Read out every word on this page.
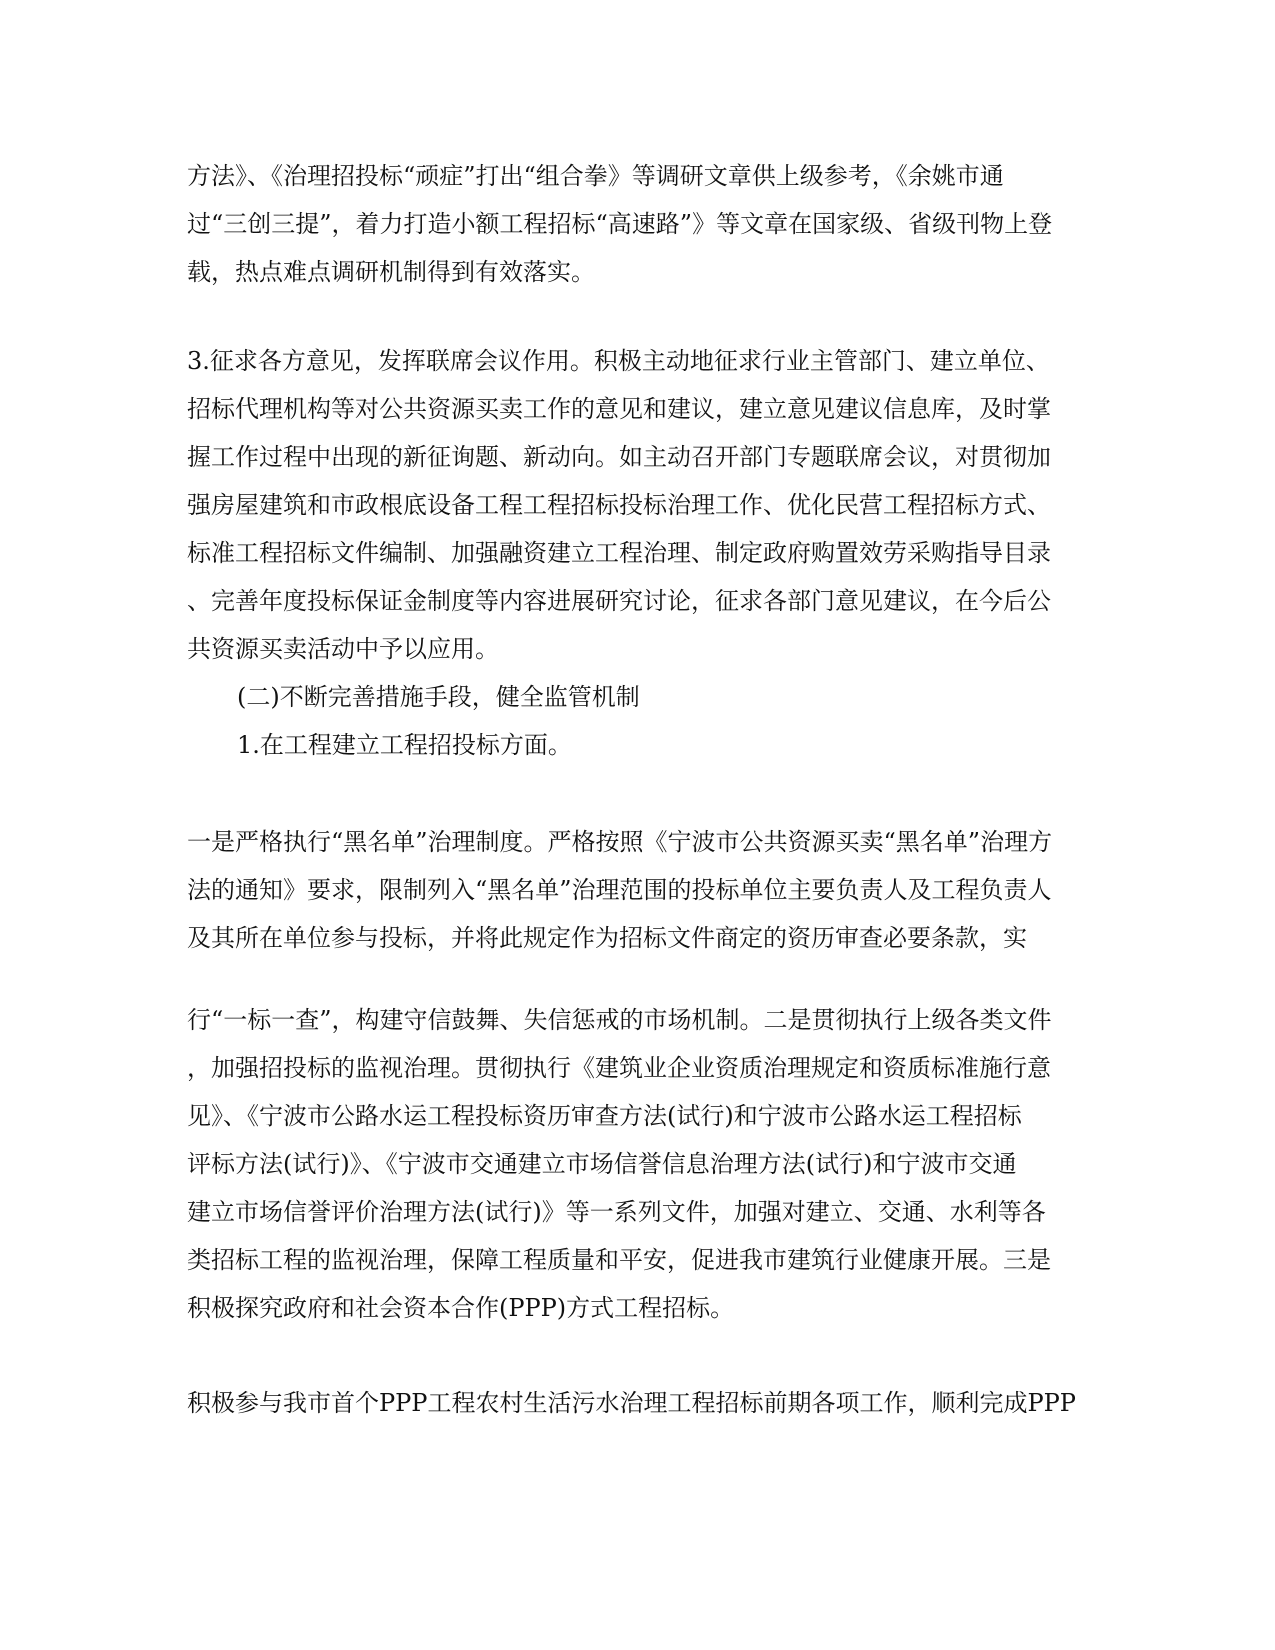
方法》、《治理招投标“顽症”打出“组合拳》等调研文章供上级参考，《余姚市通
过“三创三提”，着力打造小额工程招标“高速路”》等文章在国家级、省级刊物上登
载，热点难点调研机制得到有效落实。
3.征求各方意见，发挥联席会议作用。积极主动地征求行业主管部门、建立单位、
招标代理机构等对公共资源买卖工作的意见和建议，建立意见建议信息库，及时掌
握工作过程中出现的新征询题、新动向。如主动召开部门专题联席会议，对贯彻加
强房屋建筑和市政根底设备工程工程招标投标治理工作、优化民营工程招标方式、
标准工程招标文件编制、加强融资建立工程治理、制定政府购置效劳采购指导目录
、完善年度投标保证金制度等内容进展研究讨论，征求各部门意见建议，在今后公
共资源买卖活动中予以应用。
(二)不断完善措施手段，健全监管机制
1.在工程建立工程招投标方面。
一是严格执行“黑名单”治理制度。严格按照《宁波市公共资源买卖“黑名单”治理方
法的通知》要求，限制列入“黑名单”治理范围的投标单位主要负责人及工程负责人
及其所在单位参与投标，并将此规定作为招标文件商定的资历审查必要条款，实
行“一标一查”，构建守信鼓舞、失信惩戒的市场机制。二是贯彻执行上级各类文件
，加强招投标的监视治理。贯彻执行《建筑业企业资质治理规定和资质标准施行意
见》、《宁波市公路水运工程投标资历审查方法(试行)和宁波市公路水运工程招标
评标方法(试行)》、《宁波市交通建立市场信誉信息治理方法(试行)和宁波市交通
建立市场信誉评价治理方法(试行)》等一系列文件，加强对建立、交通、水利等各
类招标工程的监视治理，保障工程质量和平安，促进我市建筑行业健康开展。三是
积极探究政府和社会资本合作(PPP)方式工程招标。
积极参与我市首个PPP工程农村生活污水治理工程招标前期各项工作，顺利完成PPP
